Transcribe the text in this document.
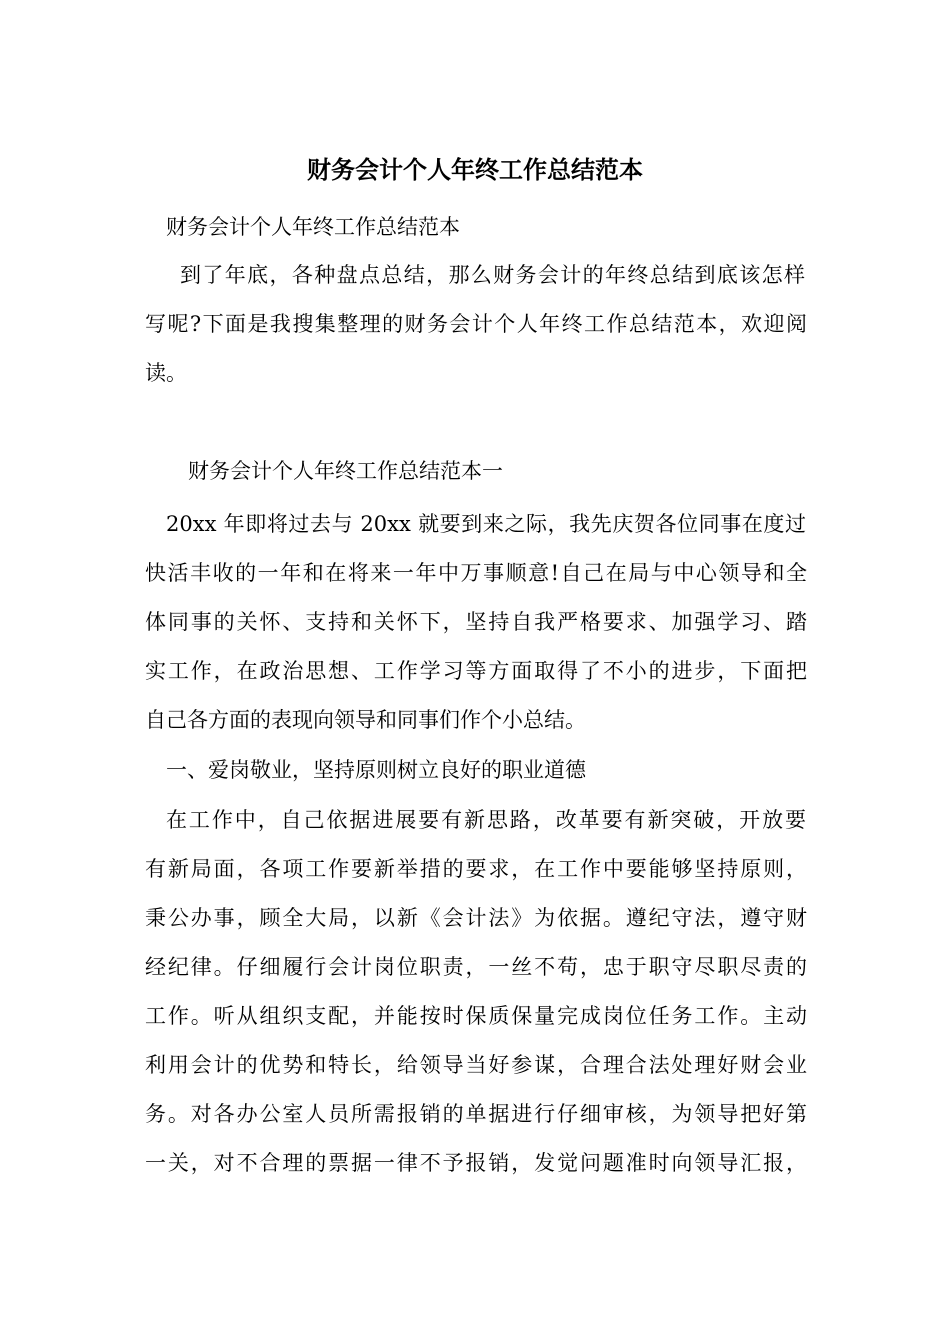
财务会计个人年终工作总结范本
财务会计个人年终工作总结范本
到了年底，各种盘点总结，那么财务会计的年终总结到底该怎样
写呢?下面是我搜集整理的财务会计个人年终工作总结范本，欢迎阅
读。
财务会计个人年终工作总结范本一
20xx 年即将过去与 20xx 就要到来之际，我先庆贺各位同事在度过
快活丰收的一年和在将来一年中万事顺意!自己在局与中心领导和全
体同事的关怀、支持和关怀下，坚持自我严格要求、加强学习、踏
实工作，在政治思想、工作学习等方面取得了不小的进步，下面把
自己各方面的表现向领导和同事们作个小总结。
一、爱岗敬业，坚持原则树立良好的职业道德
在工作中，自己依据进展要有新思路，改革要有新突破，开放要
有新局面，各项工作要新举措的要求，在工作中要能够坚持原则，
秉公办事，顾全大局，以新《会计法》为依据。遵纪守法，遵守财
经纪律。仔细履行会计岗位职责，一丝不苟，忠于职守尽职尽责的
工作。听从组织支配，并能按时保质保量完成岗位任务工作。主动
利用会计的优势和特长，给领导当好参谋，合理合法处理好财会业
务。对各办公室人员所需报销的单据进行仔细审核，为领导把好第
一关，对不合理的票据一律不予报销，发觉问题准时向领导汇报，
